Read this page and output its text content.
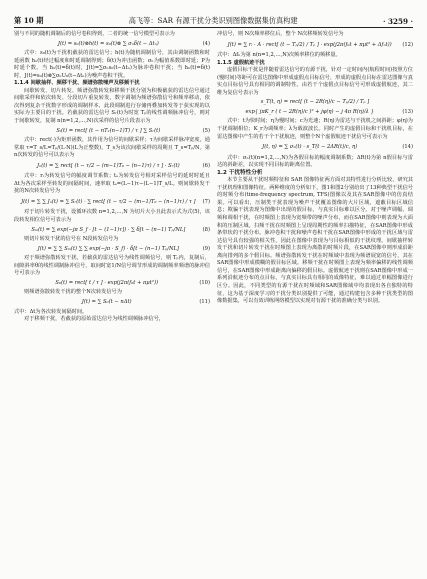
第 10 期	高飞等：SAR 有源干扰分类识别图像数据集仿真构建	· 3259 ·

别与不同的随机调制后的信号卷积得到，二者的统一信号模型可表示为

J(t) = s₀(t)⊗h(t) = s₀(t)⊗ ∑ σₙδ(t − Δtₙ)	(4)

式中：s₀(t)为干扰机截获的雷达信号；h(t)为随机调制信号，其由调制函数和时延函数 hₙ(t)经过幅度和时延调制得到；δ(t)为冲击函数；σₙ为幅值系数即时延；P为时延个数。当 hₙ(t)=δ(t)时，J(t)=∑σₙs₀(t−Δtₙ)为脉冲卷积干扰；当 hₙ(t)=δ(t)时，J(t)=s₀(t)⊗∑σₙU₀(t−Δtₙ)为噪声卷积干扰。

1.1.4 间歇抽样、频移干扰、频谱弥散噪声及移频干扰

间歇转发、切片转发、频谱弥散转发和移频干扰分别为积极截获的雷达信号通过间歇采样和依次转发、分段切片重复转发，数字调制为频谱弥散信号和频率移动，依次得到复杂干扰数字形成的调制样本，此段调制进行存储再叠加转发等于获实现的以实际为主要目的干扰。若截获的雷达信号 Sᵣ(t)为时宽 Tₚ的线性调频脉冲信号，则对于间歇转发，复制 n(n=1,2,…,N)次采样的信号片段表示为

Sᵢ(t) = rect[ (t − nT₂(n−1)T) / τ ] ∑ Sᵣ(t)	(5)

式中：rect(·)为矩形函数，其作用为信号的间歇采样；τ为间歇采样脉冲宽度，通常取 τ=T_s/L=Tₚ/(L·N)(L为正整数)，T_s为该次间歇采样的周期且 T_s=Tₚ/N。第 n次转发的信号可以表示为

Jₙ(t) = ∑ rect[ (t − τ/2 − (m−1)T₀ − (n−1)τ) / τ ] · Sᵣ(t)	(6)

式中：rᵢ为转发信号的幅度调节系数；tₑ为转发信号相对采样信号的延时时延且 Δt为各次采样至转发的间隔时间，速率取 tₑ=(L−1)τ−(L−1)T_s/L。则间歇转发干扰的N次转发信号为

J(t) = ∑ ∑ Jₙ(t) = ∑ Sᵣ(t) · ∑ rect[ (t − τ/2 − (m−1)T₀ − (n−1)τ) / τ ]	(7)

对于切片转发干扰，设循环次数 n=1,2,…,N 为切片大小且此表示式为式(5)，该段转发相位信号可表示为

Sᵢₙ(t) = ∑ exp(−jπ S_f · [t − (1−1)τ]) · ∑ δ[t − (n−1) Tₚ/NL]	(8)

则切片转发干扰的信号在 N段转发信号为

J(t) = ∑ ∑ Sᵢₙ(t) ∑ ∑ exp(−jπ · S_f) · δ[t − (n−1) Tₚ/NL]	(9)

对于频谱弥散转发干扰，若截获的雷达信号为线性调频信号，则 Tₚ内，复制后，间隙斜率θ的线性调制脉冲信号，取间时宽1/N信号调节形成的调制频率频谱的脉冲信号可表示为

S₀(t) = rect[ t / τ ] · exp(j2π(f₀t + πμt²))	(10)

则频谱弥散转发干扰的整个N次转发信号为

J(t) = ∑ S₀(t − nΔt)	(11)

式中：Δt为各次转发间隔时间。

对于移频干扰，若截获的原始雷达信号为线性调频脉冲信号，

冲信号，则 N次频率移位后，整个 N次移频转发信号为

J(t) = ∑ rᵢ · A · rect[ (t − Tₚ/2) / Tₚ ] · exp(j2π(f₀t + πμt² + Δfₙt))	(12)

式中：Δfₙ为第 n(n=1,2,…,N)次频率移位的频移量。

1.1.5 虚假航迹干扰

虚假目标干扰是伴随着雷达信号的有源干扰，针对一定时间内(航程时间)按照方位(慢时间)等距可在雷达图像中形成虚假点目标信号，形成的虚假点目标在雷达图像与真实点目标信号具有相同的调制特性。由若干个虚假点目标信号可形成虚假航迹，其二维为复信号表示为

s_T(t, η) = rect[ (t − 2R(η)/c − Tₚ/2) / Tₚ ]
exp{ jπK_r ( t − 2R(η)/c )² + jφ(η) − j 4π R(η)/λ }	(13)

式中：t为快时间；η为慢时间；c为光速；R(η)为雷达与干扰机之间斜距；φ(η)为干扰调制相位；K_r为调频率；λ为载波波长。同时产生的虚假目标和干扰机目标，在雷达图像中产生的若干个干扰航迹，则整个N个虚假航迹干扰信号可表示为

J(t, η) = ∑ σₙ(t) · s_T(t − 2ΔR(t)/c, η)	(14)

式中：σₙ(t)(n=1,2,…,N)为各假目标的幅度调制系数；ΔR(t)为第 n假目标与雷达的斜距差，以实现不同目标的距离位置。

1.2 干扰特性分析

本节主要从干扰时频特征和 SAR 图像特征两方面对其特性进行分析比较，研究其干扰机理和图像特征。两种维度的分析如下，图1和图2分别给出了13种典型干扰信号的时频分布(time-frequency spectrum, TFS)图像以及其在SAR图像中的仿真结果。可以看出，压制类干扰表现为噪声干扰覆盖图像的大片区域，遮蔽目标区域信息；欺骗干扰表现为图像中出现的假目标，与真实目标难以区分。对于噪声调幅、调频和调相干扰，在时频图上表现为宽频带的噪声分布，而在SAR图像中则表现为大面积的压制区域。扫频干扰在时频图上呈现周期性的频率扫描特征，在SAR图像中形成条带状的干扰分布。脉冲卷积干扰和噪声卷积干扰在SAR图像中形成的干扰区域与雷达信号具有较强的相关性，因此在图像中表现为与目标相似的干扰纹理。间歇抽样转发干扰和切片转发干扰在时频图上表现为离散的时频片段，在SAR图像中则形成沿距离向排列的多个假目标。频谱弥散转发干扰在时频域中表现为频谱展宽的信号，其在SAR图像中形成模糊的假目标区域。移频干扰在时频图上表现为频率偏移的线性调频信号，在SAR图像中形成距离向偏移的假目标。虚假航迹干扰则在SAR图像中形成一系列沿航迹分布的点目标，与真实目标具有相同的成像特征，难以通过单幅图像进行区分。因此，不同类型的有源干扰在时频域和SAR图像域中均表现出各自独特的特征，这为基于深度学习的干扰分类识别提供了可能，通过构建包含多种干扰类型的图像数据集，可以有效训练网络模型以实现对有源干扰的准确分类与识别。
